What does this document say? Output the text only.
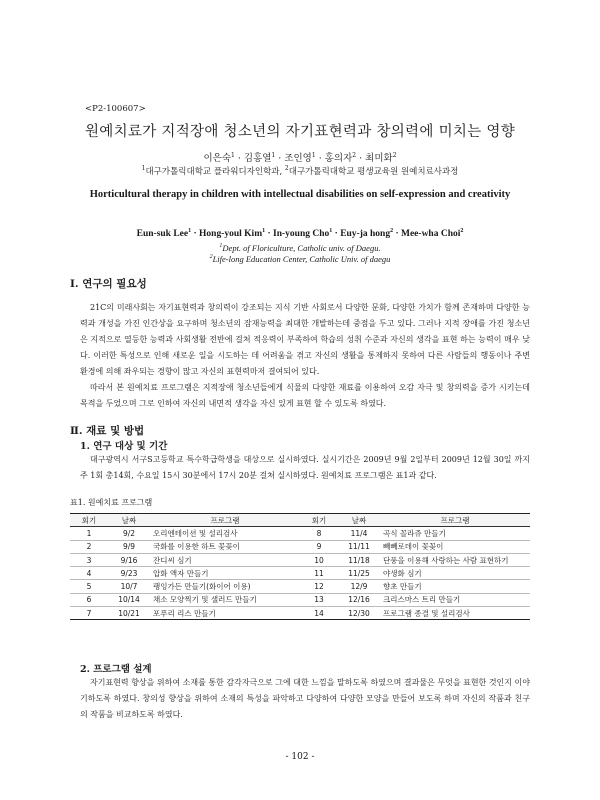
<P2-100607>
원예치료가 지적장애 청소년의 자기표현력과 창의력에 미치는 영향
이은숙$^1$ · 김홍열$^1$ · 조인영$^1$ · 홍의자$^2$ · 최미화$^2$
$^1$대구가톨릭대학교 플라워디자인학과, $^2$대구가톨릭대학교 평생교육원 원예치료사과정
Horticultural therapy in children with intellectual disabilities on self-expression and creativity
Eun-suk Lee$^1$ · Hong-youl Kim$^1$ · In-young Cho$^1$ · Euy-ja hong$^2$ · Mee-wha Choi$^2$
$^1$Dept. of Floriculture, Catholic univ. of Daegu.
$^2$Life-long Education Center, Catholic Univ. of daegu
Ⅰ. 연구의 필요성

21C의 미래사회는 자기표현력과 창의력이 강조되는 지식 기반 사회로서 다양한 문화, 다양한 가치가 함께 존재하며 다양한 능력과 개성을 가진 인간상을 요구하며 청소년의 잠재능력을 최대한 개발하는데 중점을 두고 있다. 그러나 지적 장애를 가진 청소년은 지적으로 열등한 능력과 사회생활 전반에 걸쳐 적응력이 부족하여 학습의 성취 수준과 자신의 생각을 표현 하는 능력이 매우 낮다. 이러한 특성으로 인해 새로운 일을 시도하는 데 어려움을 겪고 자신의 생활을 통제하지 못하여 다른 사람들의 행동이나 주변 환경에 의해 좌우되는 경향이 많고 자신의 표현력마저 결여되어 있다.

따라서 본 원예치료 프로그램은 지적장애 청소년들에게 식물의 다양한 재료를 이용하여 오감 자극 및 창의력을 증가 시키는데 목적을 두었으며 그로 인하여 자신의 내면적 생각을 자신 있게 표현 할 수 있도록 하였다.

Ⅱ. 재료 및 방법
1. 연구 대상 및 기간

대구광역시 서구S고등학교 특수학급학생을 대상으로 실시하였다. 실시기간은 2009년 9월 2일부터 2009년 12월 30일 까지 주 1회 총14회, 수요일 15시 30분에서 17시 20분 걸쳐 실시하였다. 원예치료 프로그램은 표1과 같다.

표1. 원예치료 프로그램
회기	날짜	프로그램	회기	날짜	프로그램
1	9/2	오리엔테이션 및 설리검사	8	11/4	곡식 꼴라쥬 만들기
2	9/9	국화를 이용한 하트 꽃꽂이	9	11/11	빼빼로데이 꽃꽂이
3	9/16	잔디씨 심기	10	11/18	단풍을 이용해 사랑하는 사람 표현하기
4	9/23	압화 액자 만들기	11	11/25	야생화 심기
5	10/7	팽잉가든 만들기(화이어 이용)	12	12/9	향초 만들기
6	10/14	채소 모양찍기 및 샐러드 만들기	13	12/16	크리스마스 트리 만들기
7	10/21	포푸리 리스 만들기	14	12/30	프로그램 종결 및 설리검사
2. 프로그램 설계

자기표현력 향상을 위하여 소재를 통한 감각자극으로 그에 대한 느낌을 말하도록 하였으며 결과물은 무엇을 표현한 것인지 이야기하도록 하였다. 창의성 향상을 위하여 소재의 특성을 파악하고 다양하여 다양한 모양을 만들어 보도록 하며 자신의 작품과 친구의 작품을 비교하도록 하였다.

- 102 -
